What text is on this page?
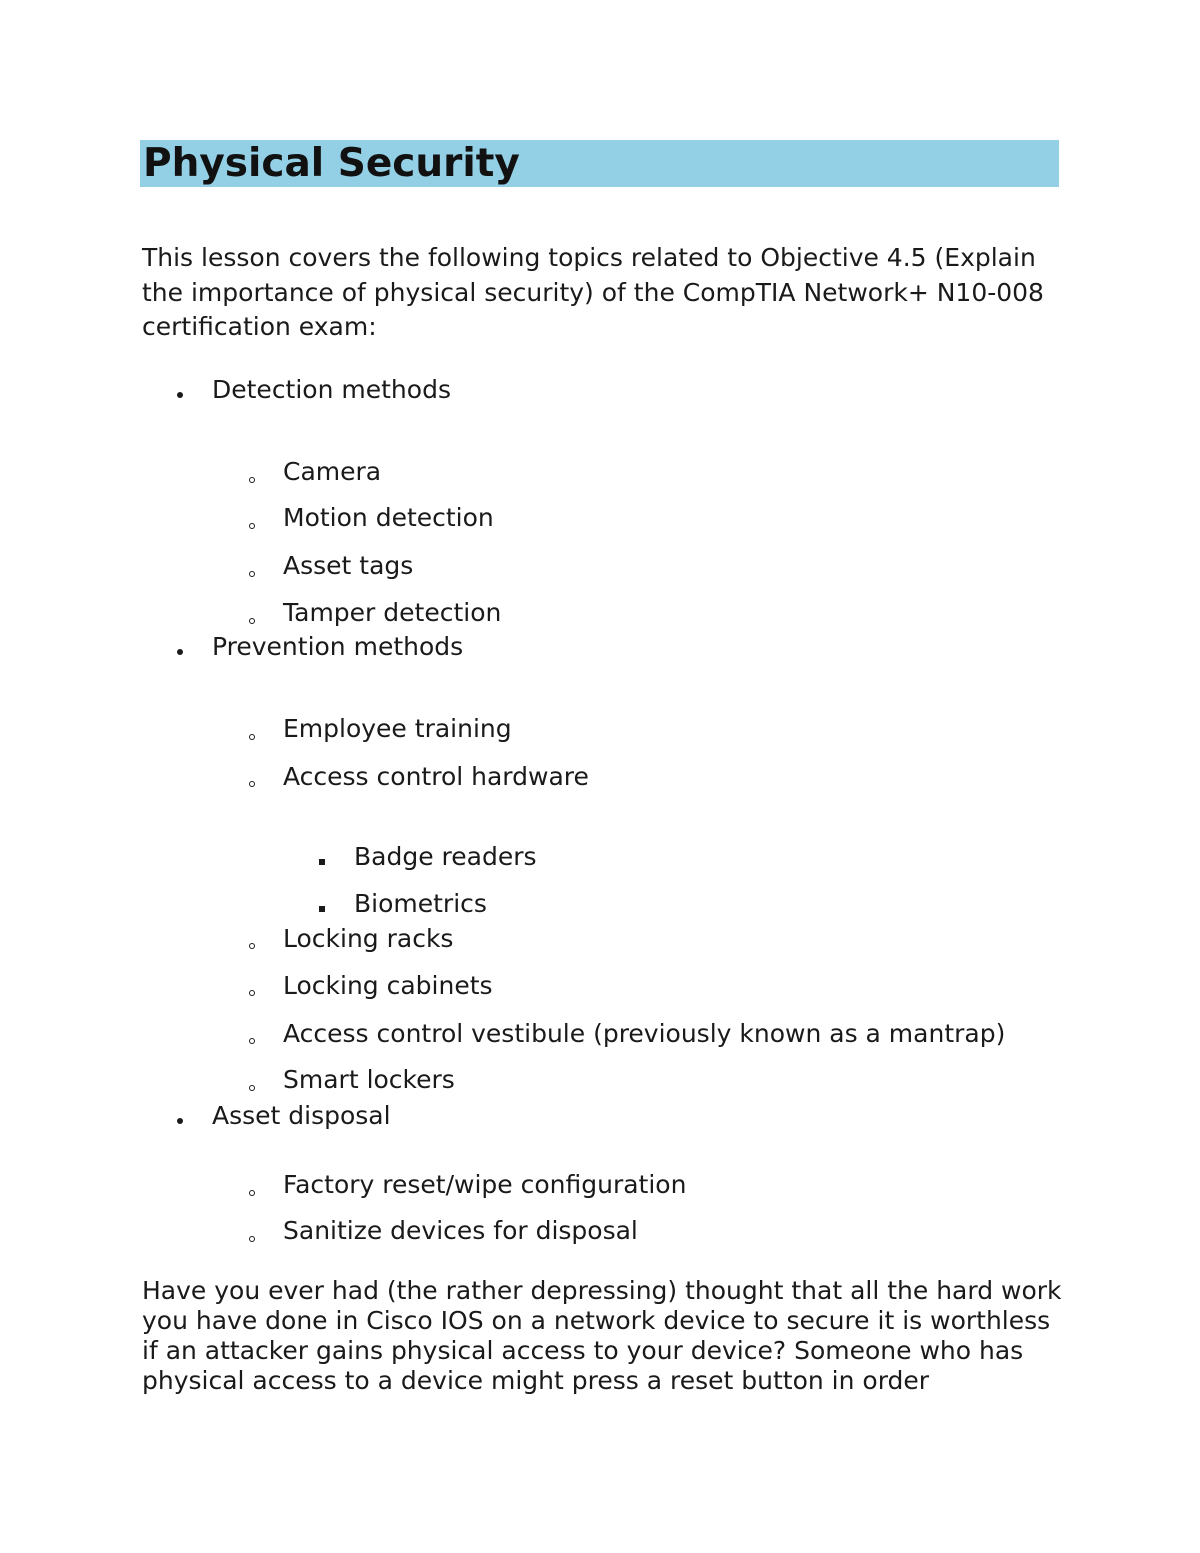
Physical Security

This lesson covers the following topics related to Objective 4.5 (Explain the importance of physical security) of the CompTIA Network+ N10-008 certification exam:

Detection methods
Camera
Motion detection
Asset tags
Tamper detection
Prevention methods
Employee training
Access control hardware
Badge readers
Biometrics
Locking racks
Locking cabinets
Access control vestibule (previously known as a mantrap)
Smart lockers
Asset disposal
Factory reset/wipe configuration
Sanitize devices for disposal

Have you ever had (the rather depressing) thought that all the hard work you have done in Cisco IOS on a network device to secure it is worthless if an attacker gains physical access to your device? Someone who has physical access to a device might press a reset button in order
